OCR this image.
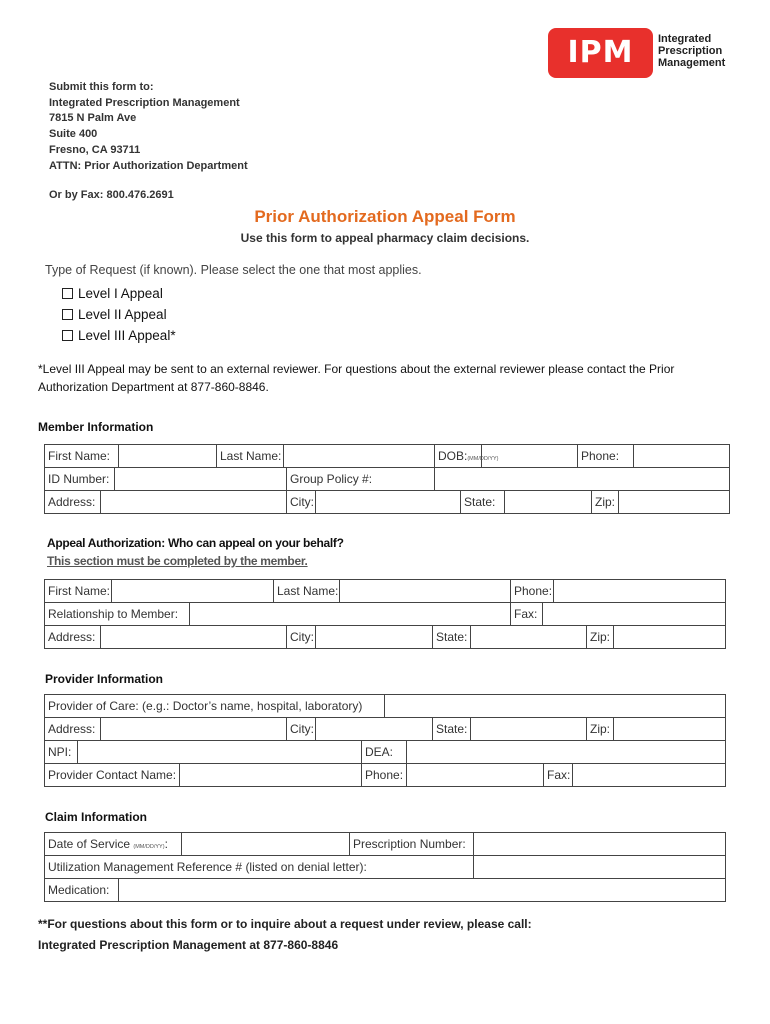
IPM	Integrated
Prescription
Management
Submit this form to:
Integrated Prescription Management
7815 N Palm Ave
Suite 400
Fresno, CA 93711
ATTN: Prior Authorization Department
Or by Fax: 800.476.2691
Prior Authorization Appeal Form
Use this form to appeal pharmacy claim decisions.
Type of Request (if known). Please select the one that most applies.
Level I Appeal
Level II Appeal
Level III Appeal*
*Level III Appeal may be sent to an external reviewer. For questions about the external reviewer please contact the Prior Authorization Department at 877-860-8846.
Member Information
First Name:		Last Name:		DOB:(MM/DD/YY)		Phone:	
ID Number:		Group Policy #:	
Address:		City:		State:		Zip:	
Appeal Authorization: Who can appeal on your behalf?
This section must be completed by the member.
First Name:		Last Name:		Phone:	
Relationship to Member:		Fax:	
Address:		City:		State:		Zip:	
Provider Information
Provider of Care: (e.g.: Doctor’s name, hospital, laboratory)	
Address:		City:		State:		Zip:	
NPI:		DEA:	
Provider Contact Name:		Phone:		Fax:	
Claim Information
Date of Service (MM/DD/YY):		Prescription Number:	
Utilization Management Reference # (listed on denial letter):	
Medication:	
**For questions about this form or to inquire about a request under review, please call:
Integrated Prescription Management at 877-860-8846
